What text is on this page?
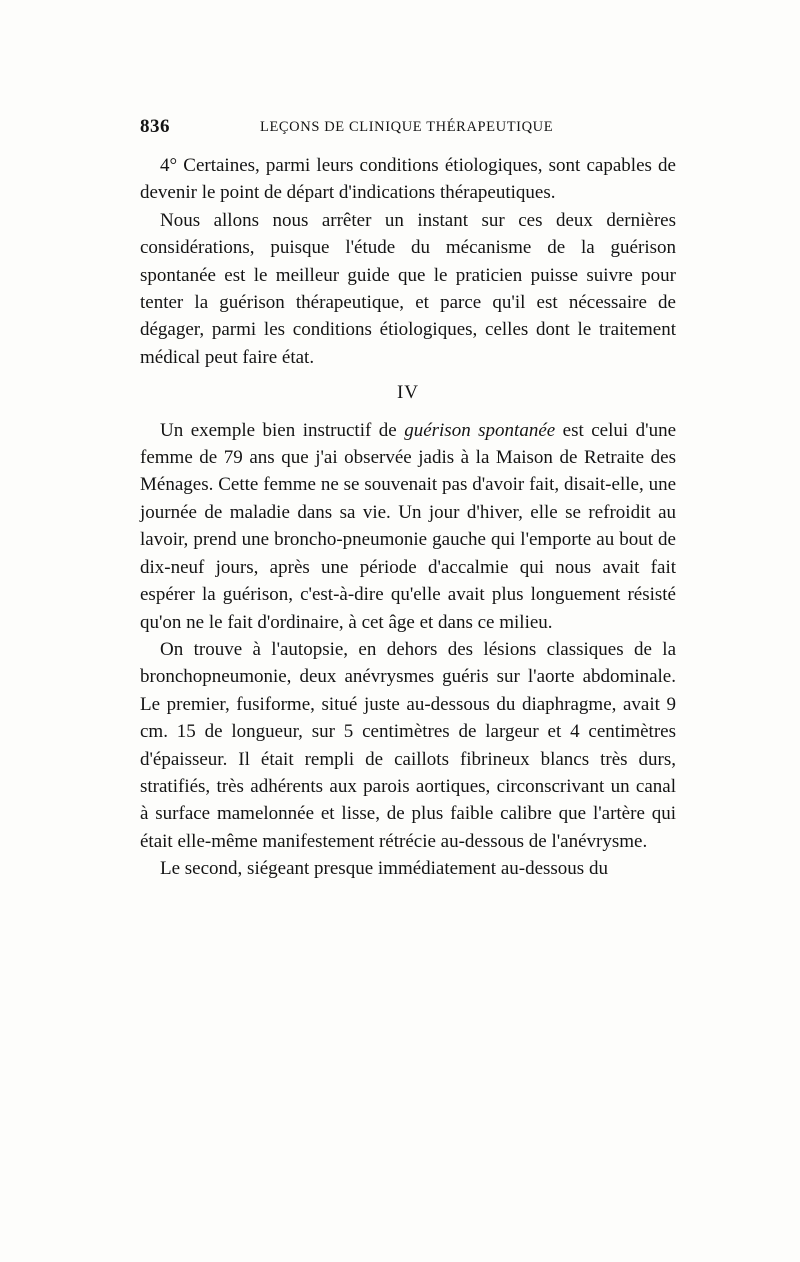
836	LEÇONS DE CLINIQUE THÉRAPEUTIQUE

4° Certaines, parmi leurs conditions étiologiques, sont capables de devenir le point de départ d'indications thérapeutiques.

Nous allons nous arrêter un instant sur ces deux dernières considérations, puisque l'étude du mécanisme de la guérison spontanée est le meilleur guide que le praticien puisse suivre pour tenter la guérison thérapeutique, et parce qu'il est nécessaire de dégager, parmi les conditions étiologiques, celles dont le traitement médical peut faire état.

IV

Un exemple bien instructif de guérison spontanée est celui d'une femme de 79 ans que j'ai observée jadis à la Maison de Retraite des Ménages. Cette femme ne se souvenait pas d'avoir fait, disait-elle, une journée de maladie dans sa vie. Un jour d'hiver, elle se refroidit au lavoir, prend une broncho-pneumonie gauche qui l'emporte au bout de dix-neuf jours, après une période d'accalmie qui nous avait fait espérer la guérison, c'est-à-dire qu'elle avait plus longuement résisté qu'on ne le fait d'ordinaire, à cet âge et dans ce milieu.

On trouve à l'autopsie, en dehors des lésions classiques de la bronchopneumonie, deux anévrysmes guéris sur l'aorte abdominale. Le premier, fusiforme, situé juste au-dessous du diaphragme, avait 9 cm. 15 de longueur, sur 5 centimètres de largeur et 4 centimètres d'épaisseur. Il était rempli de caillots fibrineux blancs très durs, stratifiés, très adhérents aux parois aortiques, circonscrivant un canal à surface mamelonnée et lisse, de plus faible calibre que l'artère qui était elle-même manifestement rétrécie au-dessous de l'anévrysme.

Le second, siégeant presque immédiatement au-dessous du
